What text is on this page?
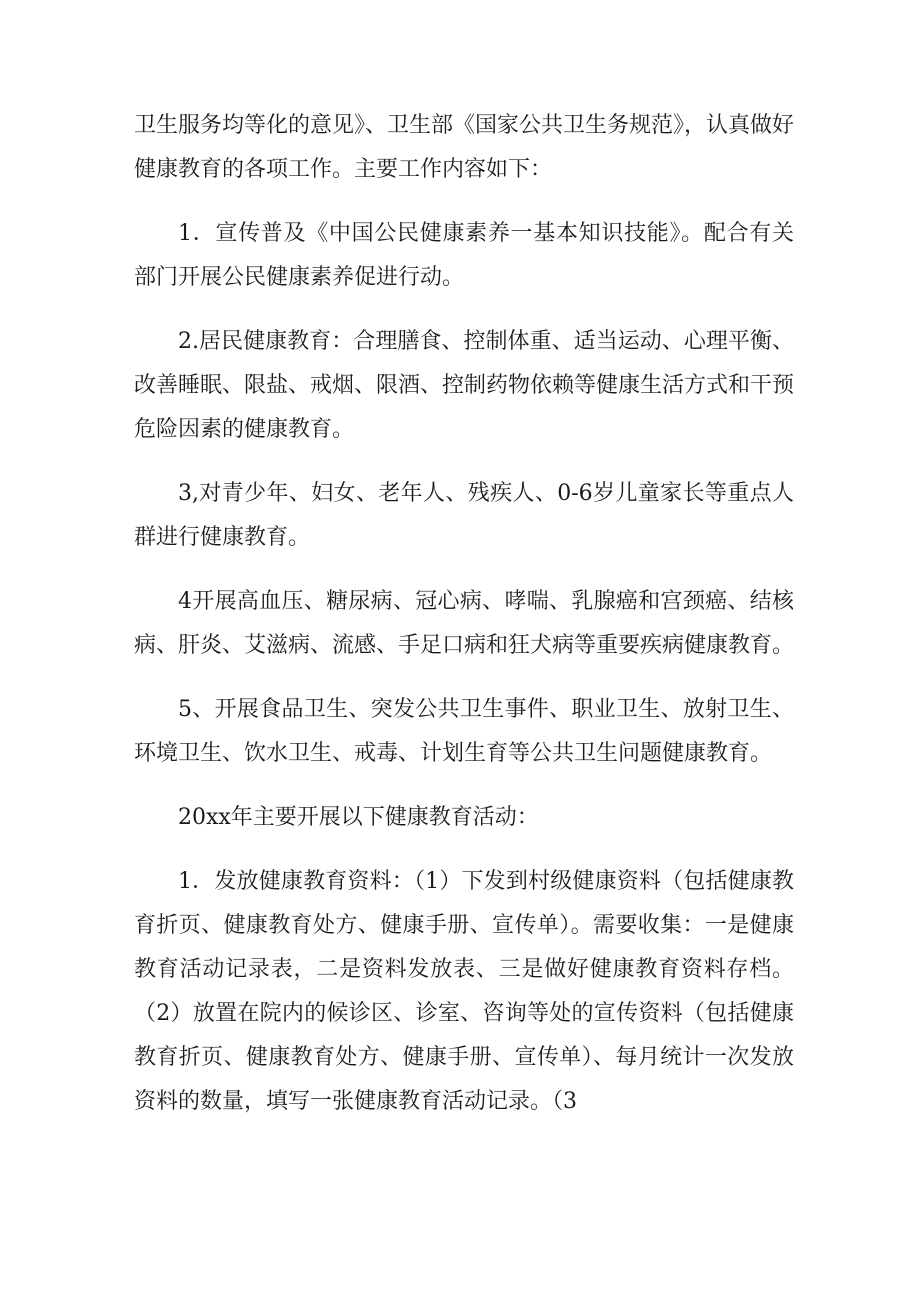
卫生服务均等化的意见》、卫生部《国家公共卫生务规范》，认真做好健康教育的各项工作。主要工作内容如下：

1．宣传普及《中国公民健康素养一基本知识技能》。配合有关部门开展公民健康素养促进行动。

2.居民健康教育：合理膳食、控制体重、适当运动、心理平衡、改善睡眠、限盐、戒烟、限酒、控制药物依赖等健康生活方式和干预危险因素的健康教育。

3,对青少年、妇女、老年人、残疾人、0-6岁儿童家长等重点人群进行健康教育。

4开展高血压、糖尿病、冠心病、哮喘、乳腺癌和宫颈癌、结核病、肝炎、艾滋病、流感、手足口病和狂犬病等重要疾病健康教育。

5、开展食品卫生、突发公共卫生事件、职业卫生、放射卫生、环境卫生、饮水卫生、戒毒、计划生育等公共卫生问题健康教育。

20xx年主要开展以下健康教育活动：

1．发放健康教育资料：（1）下发到村级健康资料（包括健康教育折页、健康教育处方、健康手册、宣传单）。需要收集：一是健康教育活动记录表，二是资料发放表、三是做好健康教育资料存档。（2）放置在院内的候诊区、诊室、咨询等处的宣传资料（包括健康教育折页、健康教育处方、健康手册、宣传单）、每月统计一次发放资料的数量，填写一张健康教育活动记录。（3
